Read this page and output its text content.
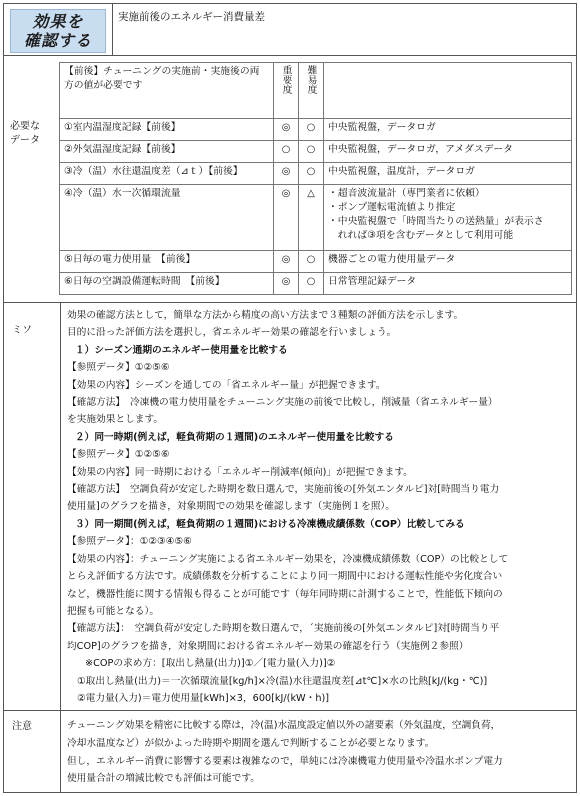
効果を
確認する
実施前後のエネルギー消費量差
必要な
データ
【前後】チューニングの実施前・実施後の両
方の値が必要です	重要度	難易度	
①室内温湿度記録【前後】	◎	○	中央監視盤，データロガ
②外気温湿度記録【前後】	○	○	中央監視盤，データロガ，アメダスデータ
③冷（温）水往還温度差（⊿ｔ）【前後】	◎	○	中央監視盤，温度計，データロガ
④冷（温）水一次循環流量	◎	△	・超音波流量計（専門業者に依頼）
・ポンプ運転電流値より推定
・中央監視盤で「時間当たりの送熱量」が表示さ
　れれば③項を含むデータとして利用可能

⑤日毎の電力使用量　【前後】	◎	○	機器ごとの電力使用量データ
⑥日毎の空調設備運転時間　【前後】	◎	○	日常管理記録データ
ミソ
効果の確認方法として，簡単な方法から精度の高い方法まで３種類の評価方法を示します。
目的に沿った評価方法を選択し，省エネルギー効果の確認を行いましょう。
１）シーズン通期のエネルギー使用量を比較する
【参照データ】①②⑤⑥
【効果の内容】シーズンを通しての「省エネルギー量」が把握できます。
【確認方法】　冷凍機の電力使用量をチューニング実施の前後で比較し，削減量（省エネルギー量）
を実施効果とします。
２）同一時期(例えば，軽負荷期の１週間)のエネルギー使用量を比較する
【参照データ】①②⑤⑥
【効果の内容】同一時期における「エネルギー削減率(傾向)」が把握できます。
【確認方法】　空調負荷が安定した時期を数日選んで，実施前後の[外気エンタルピ]対[時間当り電力
使用量]のグラフを描き，対象期間での効果を確認します（実施例１を照）。
３）同一期間(例えば，軽負荷期の１週間)における冷凍機成績係数（COP）比較してみる
【参照データ】：①②③④⑤⑥
【効果の内容】：チューニング実施による省エネルギー効果を，冷凍機成績係数（COP）の比較として
とらえ評価する方法です。成績係数を分析することにより同一期間中における運転性能や劣化度合い
など，機器性能に関する情報も得ることが可能です（毎年同時期に計測することで，性能低下傾向の
把握も可能となる）。
【確認方法】：　空調負荷が安定した時期を数日選んで，´実施前後の[外気エンタルピ]対[時間当り平
均COP]のグラフを描き，対象期間における省エネルギー効果の確認を行う（実施例２参照）
※COPの求め方：[取出し熱量(出力)]①／[電力量(入力)]②
①取出し熱量(出力)＝一次循環流量[kg/h]×冷(温)水往還温度差[⊿t℃]×水の比熱[kJ/(kg・℃)]
②電力量(入力)＝電力使用量[kWh]×3，600[kJ/(kW・h)]
注意	チューニング効果を精密に比較する際は，冷(温)水温度設定値以外の諸要素（外気温度，空調負荷，
冷却水温度など）が似かよった時期や期間を選んで判断することが必要となります。
但し，エネルギー消費に影響する要素は複雑なので，単純には冷凍機電力使用量や冷温水ポンプ電力
使用量合計の増減比較でも評価は可能です。
